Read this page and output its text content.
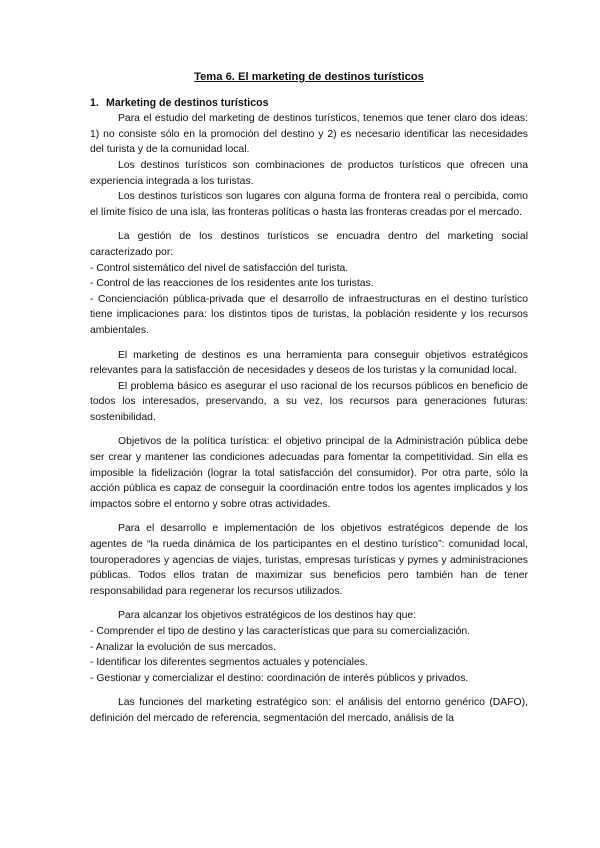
Tema 6. El marketing de destinos turísticos
1. Marketing de destinos turísticos

Para el estudio del marketing de destinos turísticos, tenemos que tener claro dos ideas: 1) no consiste sólo en la promoción del destino y 2) es necesario identificar las necesidades del turista y de la comunidad local.

Los destinos turísticos son combinaciones de productos turísticos que ofrecen una experiencia integrada a los turistas.

Los destinos turísticos son lugares con alguna forma de frontera real o percibida, como el límite físico de una isla, las fronteras políticas o hasta las fronteras creadas por el mercado.

La gestión de los destinos turísticos se encuadra dentro del marketing social caracterizado por:

- Control sistemático del nivel de satisfacción del turista.

- Control de las reacciones de los residentes ante los turistas.

- Concienciación pública-privada que el desarrollo de infraestructuras en el destino turístico tiene implicaciones para: los distintos tipos de turistas, la población residente y los recursos ambientales.

El marketing de destinos es una herramienta para conseguir objetivos estratégicos relevantes para la satisfacción de necesidades y deseos de los turistas y la comunidad local.

El problema básico es asegurar el uso racional de los recursos públicos en beneficio de todos los interesados, preservando, a su vez, los recursos para generaciones futuras: sostenibilidad.

Objetivos de la política turística: el objetivo principal de la Administración pública debe ser crear y mantener las condiciones adecuadas para fomentar la competitividad. Sin ella es imposible la fidelización (lograr la total satisfacción del consumidor). Por otra parte, sólo la acción pública es capaz de conseguir la coordinación entre todos los agentes implicados y los impactos sobre el entorno y sobre otras actividades.

Para el desarrollo e implementación de los objetivos estratégicos depende de los agentes de “la rueda dinámica de los participantes en el destino turístico”: comunidad local, touroperadores y agencias de viajes, turistas, empresas turísticas y pymes y administraciones públicas. Todos ellos tratan de maximizar sus beneficios pero también han de tener responsabilidad para regenerar los recursos utilizados.

Para alcanzar los objetivos estratégicos de los destinos hay que:

- Comprender el tipo de destino y las características que para su comercialización.

- Analizar la evolución de sus mercados.

- Identificar los diferentes segmentos actuales y potenciales.

- Gestionar y comercializar el destino: coordinación de interés públicos y privados.

Las funciones del marketing estratégico son: el análisis del entorno genérico (DAFO), definición del mercado de referencia, segmentación del mercado, análisis de la
